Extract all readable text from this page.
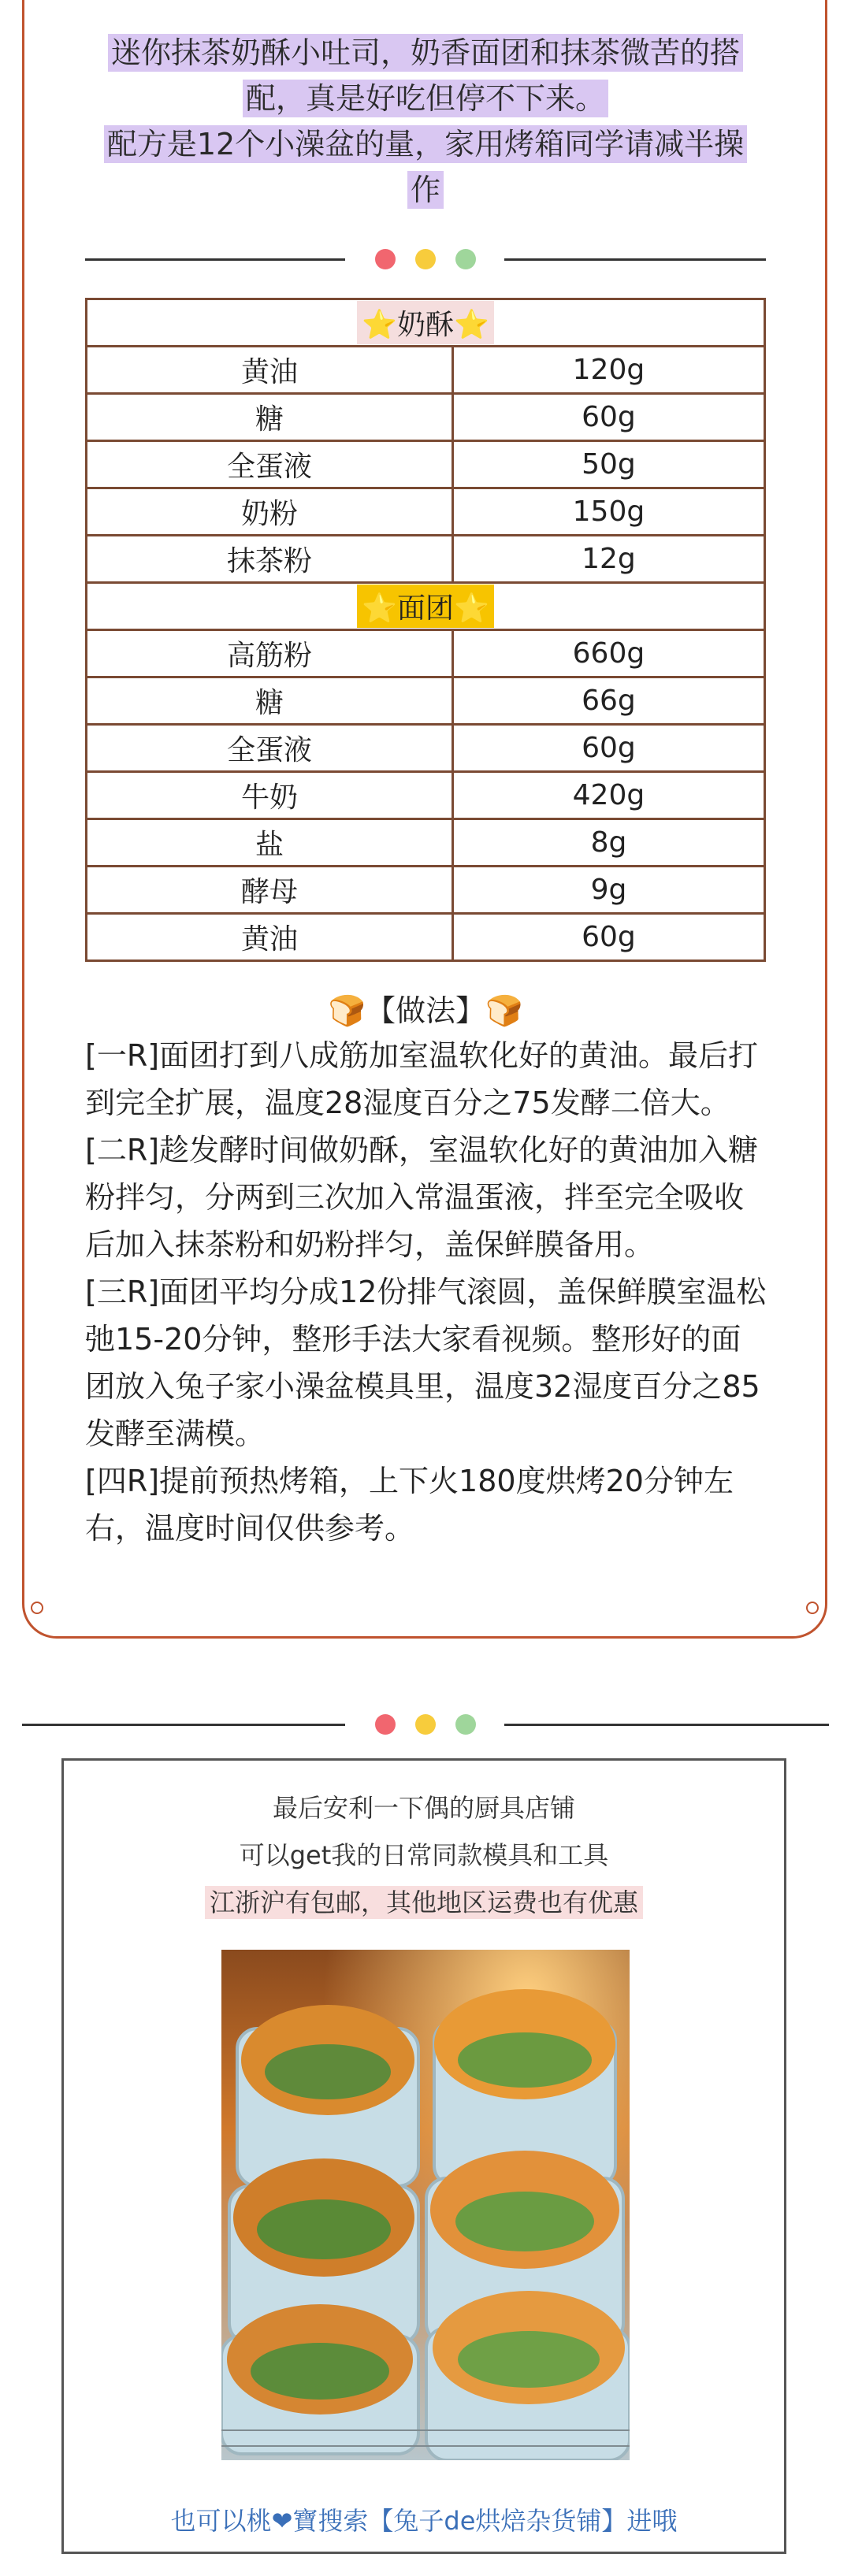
迷你抹茶奶酥小吐司，奶香面团和抹茶微苦的搭
配，真是好吃但停不下来。
配方是12个小澡盆的量，家用烤箱同学请减半操
作
⭐奶酥⭐	
黄油	120g
糖	60g
全蛋液	50g
奶粉	150g
抹茶粉	12g
⭐面团⭐	
高筋粉	660g
糖	66g
全蛋液	60g
牛奶	420g
盐	8g
酵母	9g
黄油	60g
🍞【做法】🍞

[一R]面团打到八成筋加室温软化好的黄油。最后打到完全扩展，温度28湿度百分之75发酵二倍大。

[二R]趁发酵时间做奶酥，室温软化好的黄油加入糖粉拌匀，分两到三次加入常温蛋液，拌至完全吸收后加入抹茶粉和奶粉拌匀，盖保鲜膜备用。

[三R]面团平均分成12份排气滚圆，盖保鲜膜室温松弛15-20分钟，整形手法大家看视频。整形好的面团放入兔子家小澡盆模具里，温度32湿度百分之85发酵至满模。

[四R]提前预热烤箱，上下火180度烘烤20分钟左右，温度时间仅供参考。

最后安利一下偶的厨具店铺
可以get我的日常同款模具和工具
江浙沪有包邮，其他地区运费也有优惠
也可以桃❤寶搜索【兔子de烘焙杂货铺】进哦
